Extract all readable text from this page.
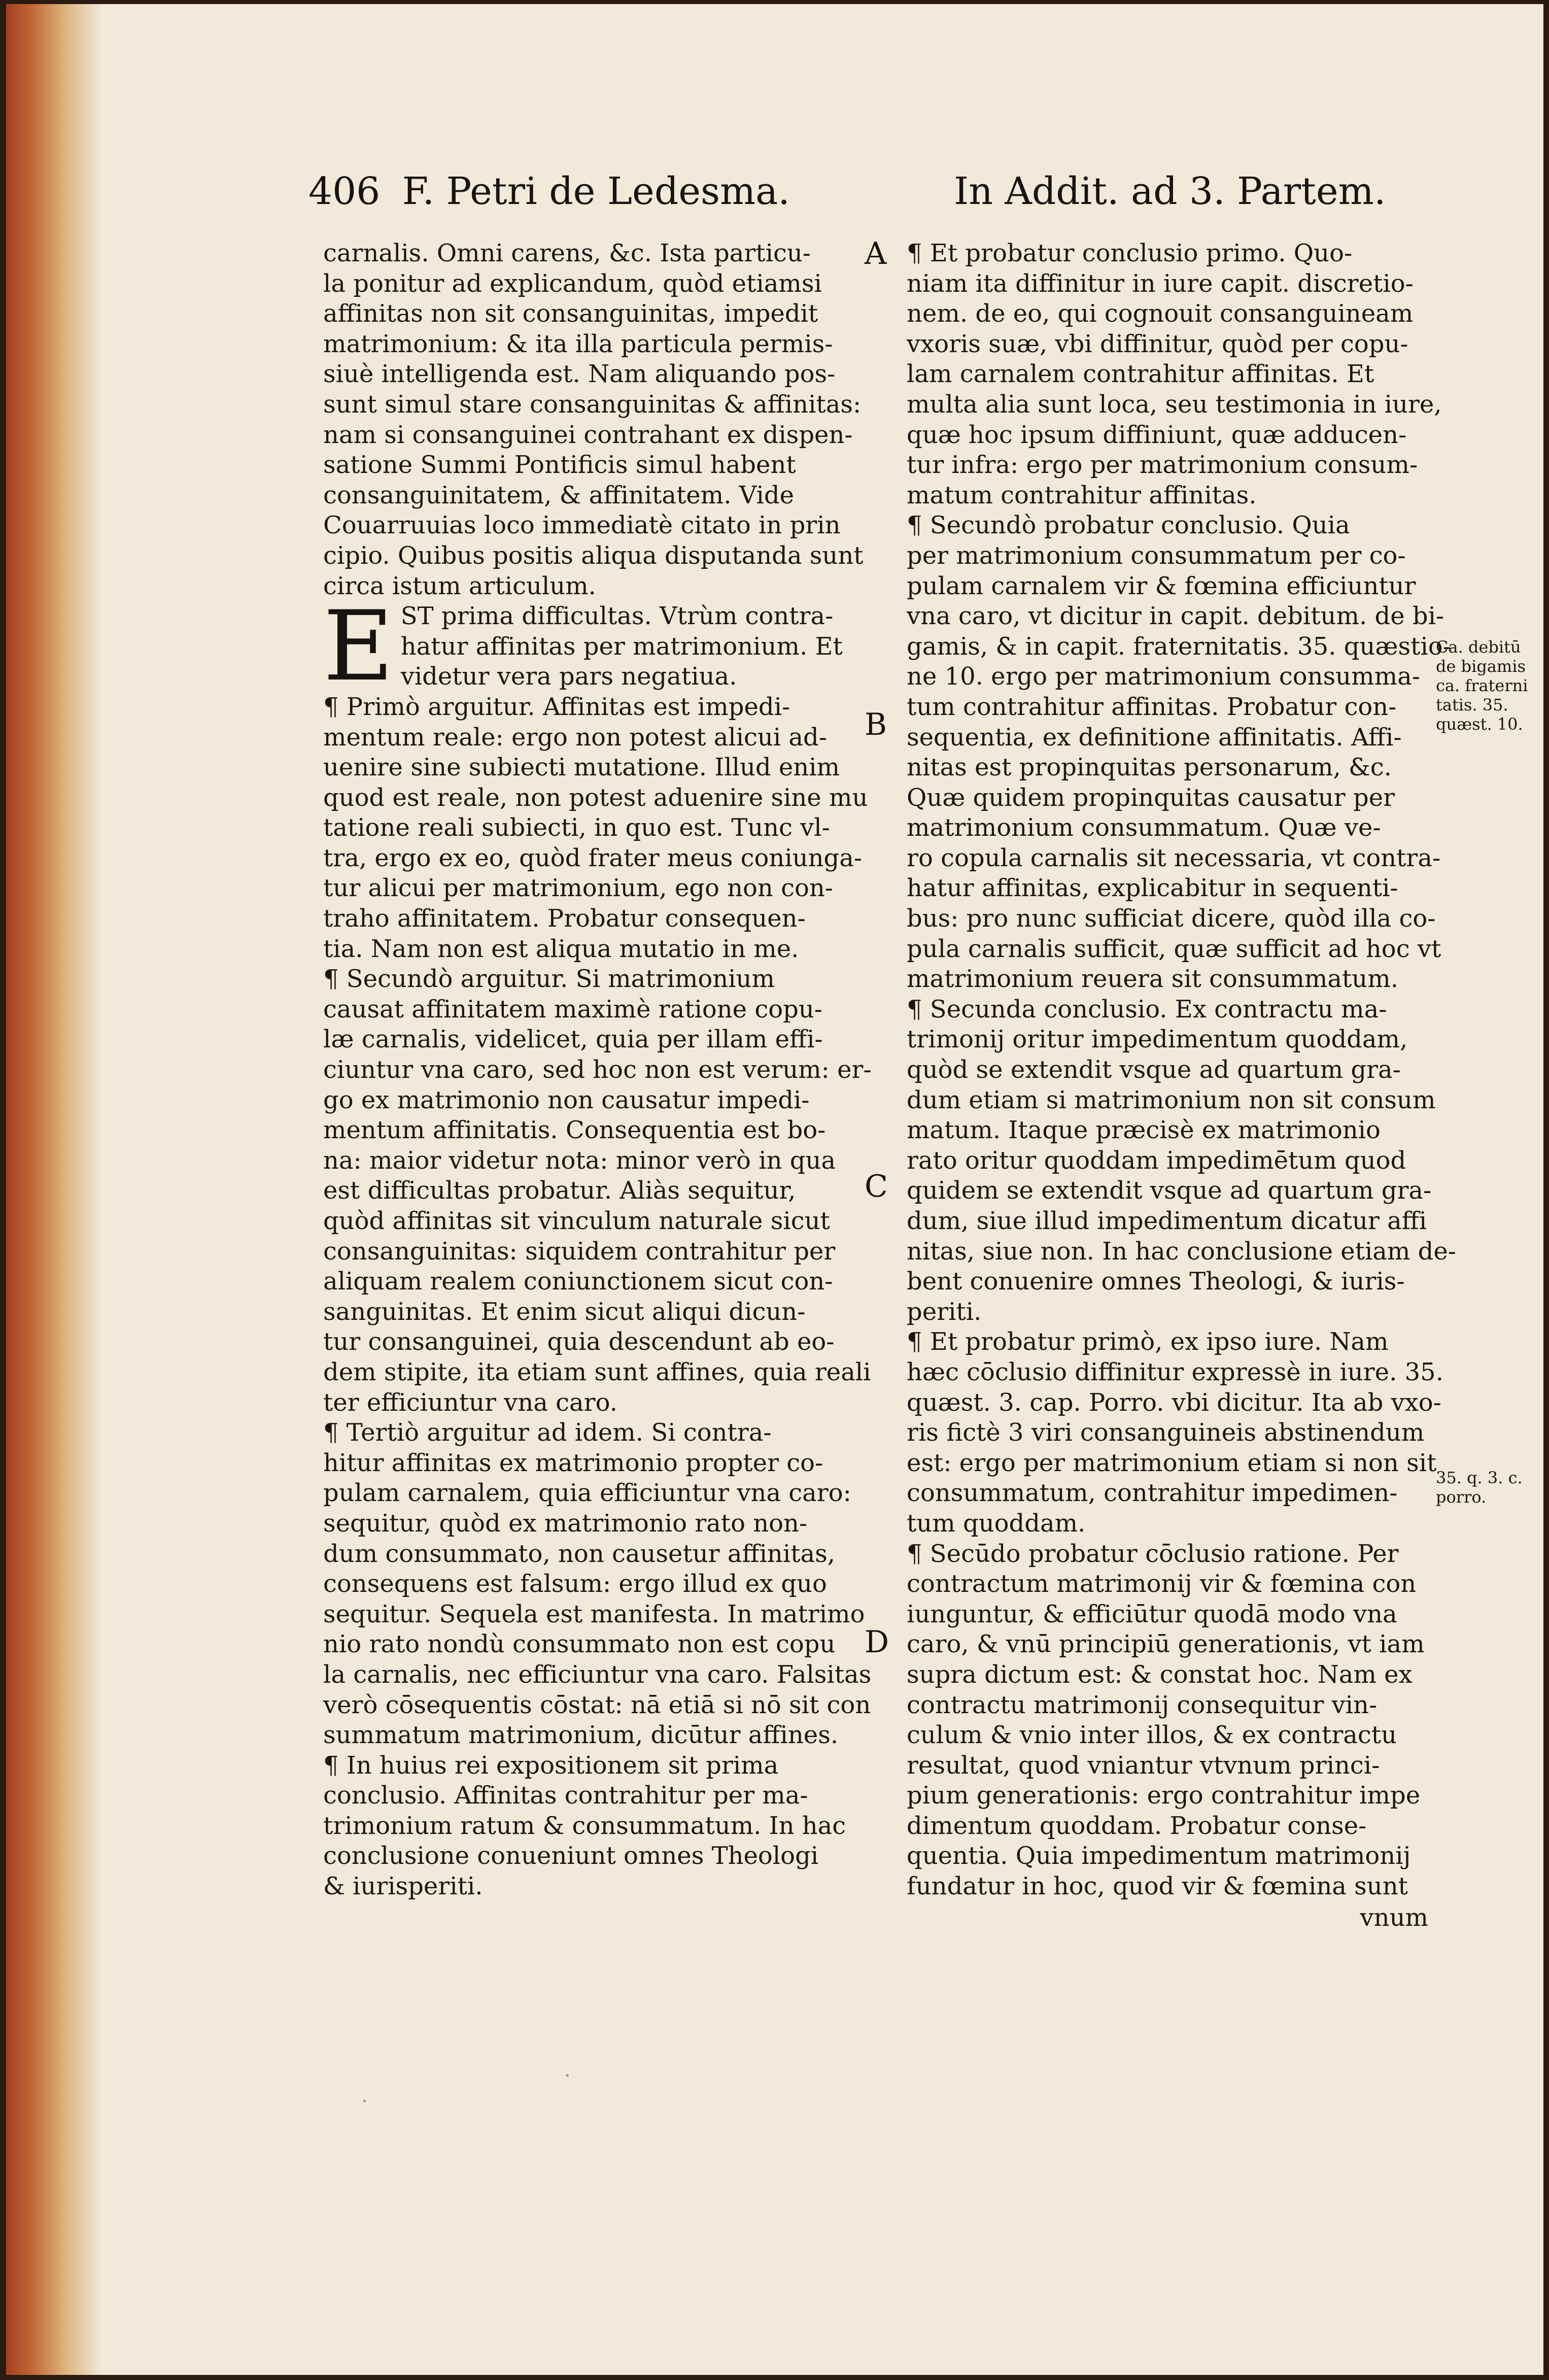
406 F. Petri de Ledesma.	In Addit. ad 3. Partem.
A
B
C
D
carnalis. Omni carens, &c. Ista particu-
la ponitur ad explicandum, quòd etiamsi
affinitas non sit consanguinitas, impedit
matrimonium: & ita illa particula permis-
siuè intelligenda est. Nam aliquando pos-
sunt simul stare consanguinitas & affinitas:
nam si consanguinei contrahant ex dispen-
satione Summi Pontificis simul habent
consanguinitatem, & affinitatem. Vide
Couarruuias loco immediatè citato in prin
cipio. Quibus positis aliqua disputanda sunt
circa istum articulum.
E ST prima difficultas. Vtrùm contra-
hatur affinitas per matrimonium. Et
videtur vera pars negatiua.
¶ Primò arguitur. Affinitas est impedi-
mentum reale: ergo non potest alicui ad-
uenire sine subiecti mutatione. Illud enim
quod est reale, non potest aduenire sine mu
tatione reali subiecti, in quo est. Tunc vl-
tra, ergo ex eo, quòd frater meus coniunga-
tur alicui per matrimonium, ego non con-
traho affinitatem. Probatur consequen-
tia. Nam non est aliqua mutatio in me.
¶ Secundò arguitur. Si matrimonium
causat affinitatem maximè ratione copu-
læ carnalis, videlicet, quia per illam effi-
ciuntur vna caro, sed hoc non est verum: er-
go ex matrimonio non causatur impedi-
mentum affinitatis. Consequentia est bo-
na: maior videtur nota: minor verò in qua
est difficultas probatur. Aliàs sequitur,
quòd affinitas sit vinculum naturale sicut
consanguinitas: siquidem contrahitur per
aliquam realem coniunctionem sicut con-
sanguinitas. Et enim sicut aliqui dicun-
tur consanguinei, quia descendunt ab eo-
dem stipite, ita etiam sunt affines, quia reali
ter efficiuntur vna caro.
¶ Tertiò arguitur ad idem. Si contra-
hitur affinitas ex matrimonio propter co-
pulam carnalem, quia efficiuntur vna caro:
sequitur, quòd ex matrimonio rato non-
dum consummato, non causetur affinitas,
consequens est falsum: ergo illud ex quo
sequitur. Sequela est manifesta. In matrimo
nio rato nondù consummato non est copu
la carnalis, nec efficiuntur vna caro. Falsitas
verò cōsequentis cōstat: nā etiā si nō sit con
summatum matrimonium, dicūtur affines.
¶ In huius rei expositionem sit prima
conclusio. Affinitas contrahitur per ma-
trimonium ratum & consummatum. In hac
conclusione conueniunt omnes Theologi
& iurisperiti.
¶ Et probatur conclusio primo. Quo-
niam ita diffinitur in iure capit. discretio-
nem. de eo, qui cognouit consanguineam
vxoris suæ, vbi diffinitur, quòd per copu-
lam carnalem contrahitur affinitas. Et
multa alia sunt loca, seu testimonia in iure,
quæ hoc ipsum diffiniunt, quæ adducen-
tur infra: ergo per matrimonium consum-
matum contrahitur affinitas.
¶ Secundò probatur conclusio. Quia
per matrimonium consummatum per co-
pulam carnalem vir & fœmina efficiuntur
vna caro, vt dicitur in capit. debitum. de bi-
gamis, & in capit. fraternitatis. 35. quæstio-
ne 10. ergo per matrimonium consumma-
tum contrahitur affinitas. Probatur con-
sequentia, ex definitione affinitatis. Affi-
nitas est propinquitas personarum, &c.
Quæ quidem propinquitas causatur per
matrimonium consummatum. Quæ ve-
ro copula carnalis sit necessaria, vt contra-
hatur affinitas, explicabitur in sequenti-
bus: pro nunc sufficiat dicere, quòd illa co-
pula carnalis sufficit, quæ sufficit ad hoc vt
matrimonium reuera sit consummatum.
¶ Secunda conclusio. Ex contractu ma-
trimonij oritur impedimentum quoddam,
quòd se extendit vsque ad quartum gra-
dum etiam si matrimonium non sit consum
matum. Itaque præcisè ex matrimonio
rato oritur quoddam impedimētum quod
quidem se extendit vsque ad quartum gra-
dum, siue illud impedimentum dicatur affi
nitas, siue non. In hac conclusione etiam de-
bent conuenire omnes Theologi, & iuris-
periti.
¶ Et probatur primò, ex ipso iure. Nam
hæc cōclusio diffinitur expressè in iure. 35.
quæst. 3. cap. Porro. vbi dicitur. Ita ab vxo-
ris fictè 3 viri consanguineis abstinendum
est: ergo per matrimonium etiam si non sit
consummatum, contrahitur impedimen-
tum quoddam.
¶ Secūdo probatur cōclusio ratione. Per
contractum matrimonij vir & fœmina con
iunguntur, & efficiūtur quodā modo vna
caro, & vnū principiū generationis, vt iam
supra dictum est: & constat hoc. Nam ex
contractu matrimonij consequitur vin-
culum & vnio inter illos, & ex contractu
resultat, quod vniantur vtvnum princi-
pium generationis: ergo contrahitur impe
dimentum quoddam. Probatur conse-
quentia. Quia impedimentum matrimonij
fundatur in hoc, quod vir & fœmina sunt
vnum
Ca. debitū
de bigamis
ca. fraterni
tatis. 35.
quæst. 10.
35. q. 3. c.
porro.
·
·
